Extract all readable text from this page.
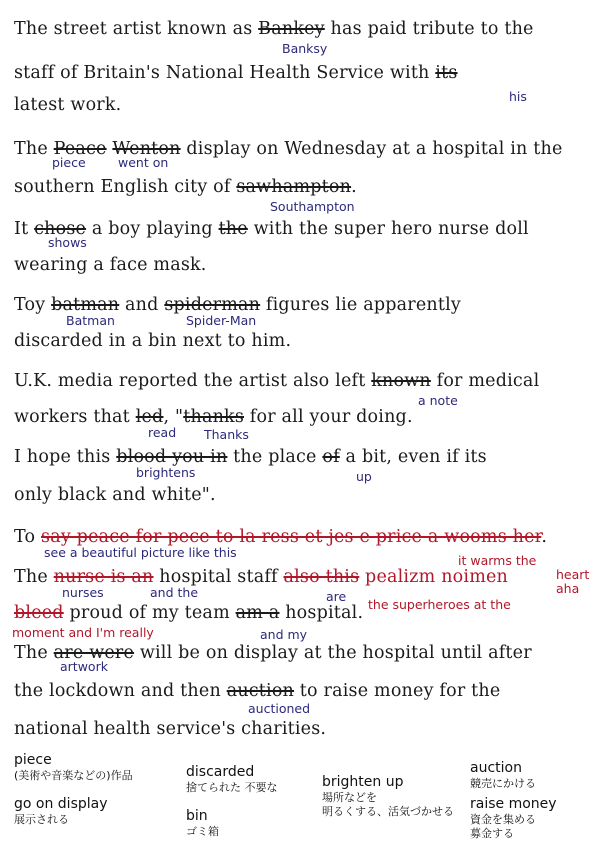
The street artist known as Bankey has paid tribute to the
Banksy
staff of Britain's National Health Service with its
his
latest work.
The Peace Wenton display on Wednesday at a hospital in the
piece	went on
southern English city of sawhampton.
Southampton
It chose a boy playing the with the super hero nurse doll
shows
wearing a face mask.
Toy batman and spiderman figures lie apparently
Batman	Spider-Man
discarded in a bin next to him.
U.K. media reported the artist also left known for medical
a note
workers that led, "thanks for all your doing.
read Thanks
I hope this blood you in the place of a bit, even if its
brightens	up
only black and white".
To say peace for pece to la ress et jes e price a wooms her.
see a beautiful picture like this
it warms the
heart
The nurse is an hospital staff also this pealizm noimen
aha
nurses	and the	are
bleed proud of my team am a hospital. the superheroes at the
moment and I'm really	and my
The are were will be on display at the hospital until after
artwork
the lockdown and then auction to raise money for the
auctioned
national health service's charities.
piece
(美術や音楽などの)作品
go on display
展示される
discarded
捨てられた 不要な
bin
ゴミ箱
brighten up
場所などを
明るくする、活気づかせる
auction
競売にかける
raise money
資金を集める
募金する
